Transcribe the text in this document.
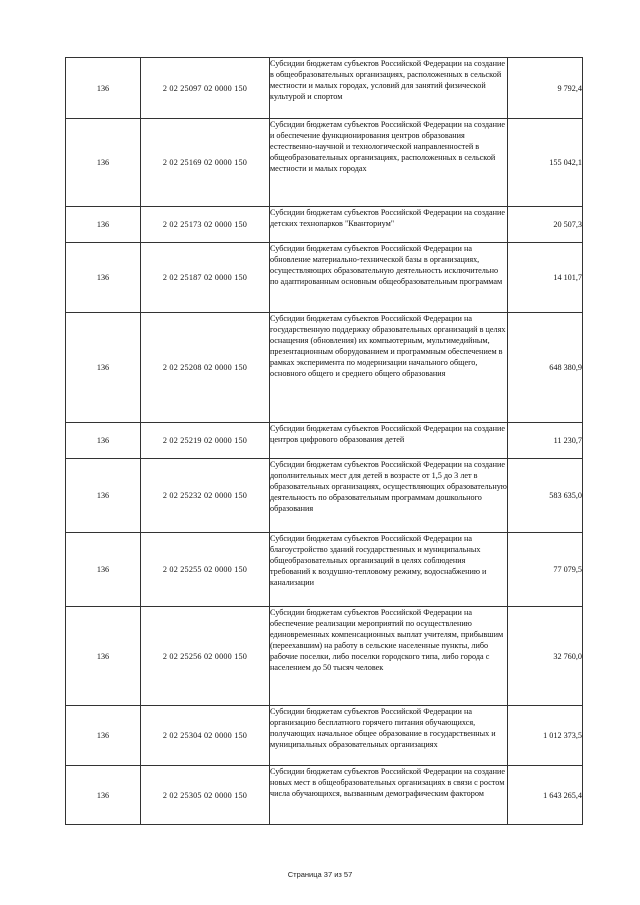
136	2 02 25097 02 0000 150	Субсидии бюджетам субъектов Российской Федерации на создание в общеобразовательных организациях, расположенных в сельской местности и малых городах, условий для занятий физической культурой и спортом	9 792,4
136	2 02 25169 02 0000 150	Субсидии бюджетам субъектов Российской Федерации на создание и обеспечение функционирования центров образования естественно-научной и технологической направленностей в общеобразовательных организациях, расположенных в сельской местности и малых городах	155 042,1
136	2 02 25173 02 0000 150	Субсидии бюджетам субъектов Российской Федерации на создание детских технопарков "Кванториум"	20 507,3
136	2 02 25187 02 0000 150	Субсидии бюджетам субъектов Российской Федерации на обновление материально-технической базы в организациях, осуществляющих образовательную деятельность исключительно по адаптированным основным общеобразовательным программам	14 101,7
136	2 02 25208 02 0000 150	Субсидии бюджетам субъектов Российской Федерации на государственную поддержку образовательных организаций в целях оснащения (обновления) их компьютерным, мультимедийным, презентационным оборудованием и программным обеспечением в рамках эксперимента по модернизации начального общего, основного общего и среднего общего образования	648 380,9
136	2 02 25219 02 0000 150	Субсидии бюджетам субъектов Российской Федерации на создание центров цифрового образования детей	11 230,7
136	2 02 25232 02 0000 150	Субсидии бюджетам субъектов Российской Федерации на создание дополнительных мест для детей в возрасте от 1,5 до 3 лет в образовательных организациях, осуществляющих образовательную деятельность по образовательным программам дошкольного образования	583 635,0
136	2 02 25255 02 0000 150	Субсидии бюджетам субъектов Российской Федерации на благоустройство зданий государственных и муниципальных общеобразовательных организаций в целях соблюдения требований к воздушно-тепловому режиму, водоснабжению и канализации	77 079,5
136	2 02 25256 02 0000 150	Субсидии бюджетам субъектов Российской Федерации на обеспечение реализации мероприятий по осуществлению единовременных компенсационных выплат учителям, прибывшим (переехавшим) на работу в сельские населенные пункты, либо рабочие поселки, либо поселки городского типа, либо города с населением до 50 тысяч человек	32 760,0
136	2 02 25304 02 0000 150	Субсидии бюджетам субъектов Российской Федерации на организацию бесплатного горячего питания обучающихся, получающих начальное общее образование в государственных и муниципальных образовательных организациях	1 012 373,5
136	2 02 25305 02 0000 150	Субсидии бюджетам субъектов Российской Федерации на создание новых мест в общеобразовательных организациях в связи с ростом числа обучающихся, вызванным демографическим фактором	1 643 265,4
Страница 37 из 57
